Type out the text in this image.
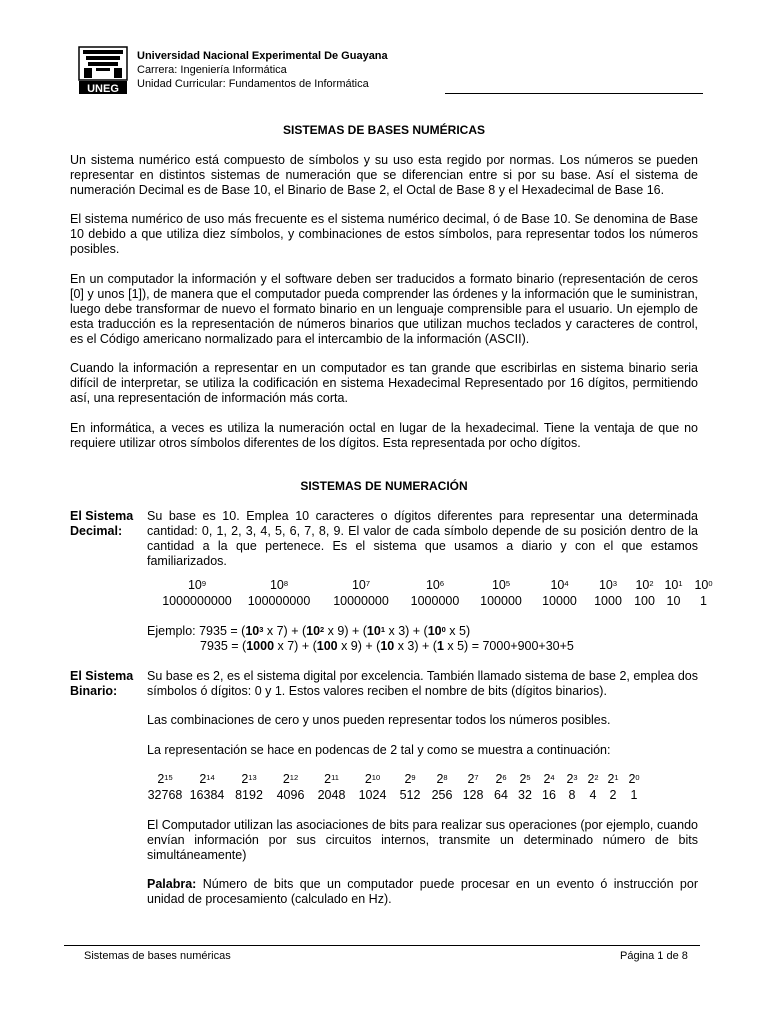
UNEG
Universidad Nacional Experimental De Guayana
Carrera: Ingeniería Informática
Unidad Curricular: Fundamentos de Informática
SISTEMAS DE BASES NUMÉRICAS
Un sistema numérico está compuesto de símbolos y su uso esta regido por normas. Los números se pueden representar en distintos sistemas de numeración que se diferencian entre si por su base. Así el sistema de numeración Decimal es de Base 10, el Binario de Base 2, el Octal de Base 8 y el Hexadecimal de Base 16.
El sistema numérico de uso más frecuente es el sistema numérico decimal, ó de Base 10. Se denomina de Base 10 debido a que utiliza diez símbolos, y combinaciones de estos símbolos, para representar todos los números posibles.
En un computador la información y el software deben ser traducidos a formato binario (representación de ceros [0] y unos [1]), de manera que el computador pueda comprender las órdenes y la información que le suministran, luego debe transformar de nuevo el formato binario en un lenguaje comprensible para el usuario. Un ejemplo de esta traducción es la representación de números binarios que utilizan muchos teclados y caracteres de control, es el Código americano normalizado para el intercambio de la información (ASCII).
Cuando la información a representar en un computador es tan grande que escribirlas en sistema binario seria difícil de interpretar, se utiliza la codificación en sistema Hexadecimal Representado por 16 dígitos, permitiendo así, una representación de información más corta.
En informática, a veces es utiliza la numeración octal en lugar de la hexadecimal. Tiene la ventaja de que no requiere utilizar otros símbolos diferentes de los dígitos. Esta representada por ocho dígitos.
SISTEMAS DE NUMERACIÓN
El Sistema
Decimal:
Su base es 10. Emplea 10 caracteres o dígitos diferentes para representar una determinada cantidad: 0, 1, 2, 3, 4, 5, 6, 7, 8, 9. El valor de cada símbolo depende de su posición dentro de la cantidad a la que pertenece. Es el sistema que usamos a diario y con el que estamos familiarizados.
$10^9$	$10^8$	$10^7$	$10^6$	$10^5$	$10^4$	$10^3$	$10^2$ $10^1$ $10^0$
1000000000	100000000	10000000	1000000	100000	10000	1000 100 10	1
Ejemplo: $7935 = (10^3$ x $7) + (10^2$ x $9) + (10^1$ x $3) + (10^0$ x 5)
7935 = (1000 x 7) + (100 x 9) + (10 x 3) + (1 x 5) = 7000+900+30+5
El Sistema
Binario:
Su base es 2, es el sistema digital por excelencia. También llamado sistema de base 2, emplea dos símbolos ó dígitos: 0 y 1. Estos valores reciben el nombre de bits (dígitos binarios).
Las combinaciones de cero y unos pueden representar todos los números posibles.
La representación se hace en podencas de 2 tal y como se muestra a continuación:
$2^{15}$	$2^{14}$	$2^{13}$	$2^{12}$	$2^{11}$	$2^{10}$	$2^9$	$2^8$	$2^7$	$2^6$	$2^5$	$2^4$ $2^3$ $2^2$ $2^1$ $2^0$
32768 16384 8192	4096	2048	1024	512 256 128 64 32 16	8	4	2	1
El Computador utilizan las asociaciones de bits para realizar sus operaciones (por ejemplo, cuando envían información por sus circuitos internos, transmite un determinado número de bits simultáneamente)
Palabra: Número de bits que un computador puede procesar en un evento ó instrucción por unidad de procesamiento (calculado en Hz).
Sistemas de bases numéricas	Página 1 de 8
